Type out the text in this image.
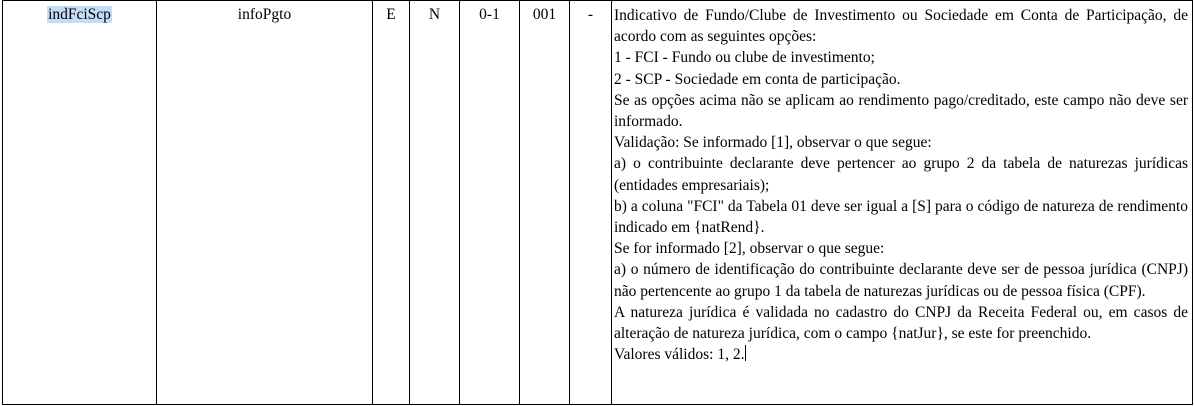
indFciScp	infoPgto	E	N	0-1	001	-	Indicativo de Fundo/Clube de Investimento ou Sociedade em Conta de Participação, de acordo com as seguintes opções:
1 - FCI - Fundo ou clube de investimento;
2 - SCP - Sociedade em conta de participação.
Se as opções acima não se aplicam ao rendimento pago/creditado, este campo não deve ser informado.
Validação: Se informado [1], observar o que segue:
a) o contribuinte declarante deve pertencer ao grupo 2 da tabela de naturezas jurídicas (entidades empresariais);
b) a coluna "FCI" da Tabela 01 deve ser igual a [S] para o código de natureza de rendimento indicado em {natRend}.
Se for informado [2], observar o que segue:
a) o número de identificação do contribuinte declarante deve ser de pessoa jurídica (CNPJ) não pertencente ao grupo 1 da tabela de naturezas jurídicas ou de pessoa física (CPF).
A natureza jurídica é validada no cadastro do CNPJ da Receita Federal ou, em casos de alteração de natureza jurídica, com o campo {natJur}, se este for preenchido.
Valores válidos: 1, 2.
